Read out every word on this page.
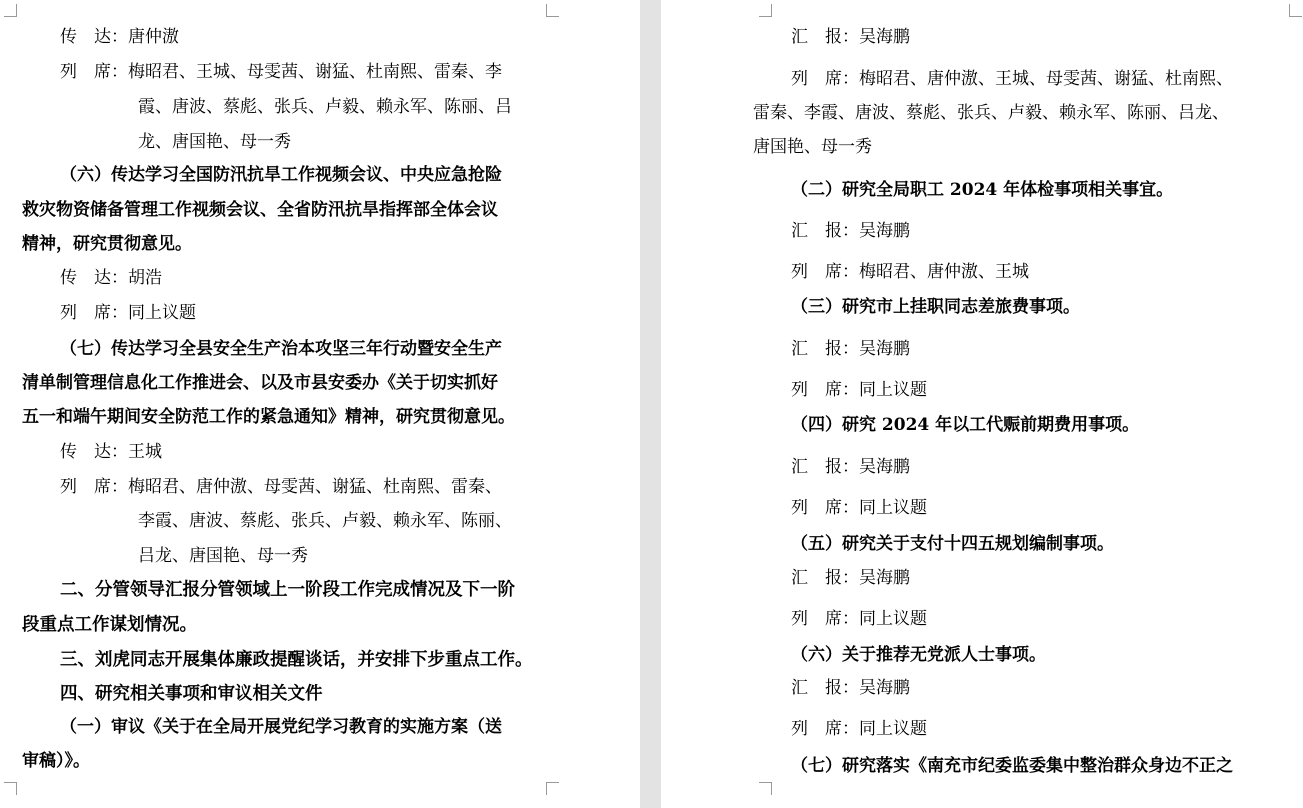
传　达：唐仲滶
列　席：梅昭君、王城、母雯茜、谢猛、杜南熙、雷秦、李
霞、唐波、蔡彪、张兵、卢毅、赖永军、陈丽、吕
龙、唐国艳、母一秀
（六）传达学习全国防汛抗旱工作视频会议、中央应急抢险
救灾物资储备管理工作视频会议、全省防汛抗旱指挥部全体会议
精神，研究贯彻意见。
传　达：胡浩
列　席：同上议题
（七）传达学习全县安全生产治本攻坚三年行动暨安全生产
清单制管理信息化工作推进会、以及市县安委办《关于切实抓好
五一和端午期间安全防范工作的紧急通知》精神，研究贯彻意见。
传　达：王城
列　席：梅昭君、唐仲滶、母雯茜、谢猛、杜南熙、雷秦、
李霞、唐波、蔡彪、张兵、卢毅、赖永军、陈丽、
吕龙、唐国艳、母一秀
二、分管领导汇报分管领域上一阶段工作完成情况及下一阶
段重点工作谋划情况。
三、刘虎同志开展集体廉政提醒谈话，并安排下步重点工作。
四、研究相关事项和审议相关文件
（一）审议《关于在全局开展党纪学习教育的实施方案（送
审稿）》。
汇　报：吴海鹏
列　席：梅昭君、唐仲滶、王城、母雯茜、谢猛、杜南熙、
雷秦、李霞、唐波、蔡彪、张兵、卢毅、赖永军、陈丽、吕龙、
唐国艳、母一秀
（二）研究全局职工 2024 年体检事项相关事宜。
汇　报：吴海鹏
列　席：梅昭君、唐仲滶、王城
（三）研究市上挂职同志差旅费事项。
汇　报：吴海鹏
列　席：同上议题
（四）研究 2024 年以工代赈前期费用事项。
汇　报：吴海鹏
列　席：同上议题
（五）研究关于支付十四五规划编制事项。
汇　报：吴海鹏
列　席：同上议题
（六）关于推荐无党派人士事项。
汇　报：吴海鹏
列　席：同上议题
（七）研究落实《南充市纪委监委集中整治群众身边不正之
